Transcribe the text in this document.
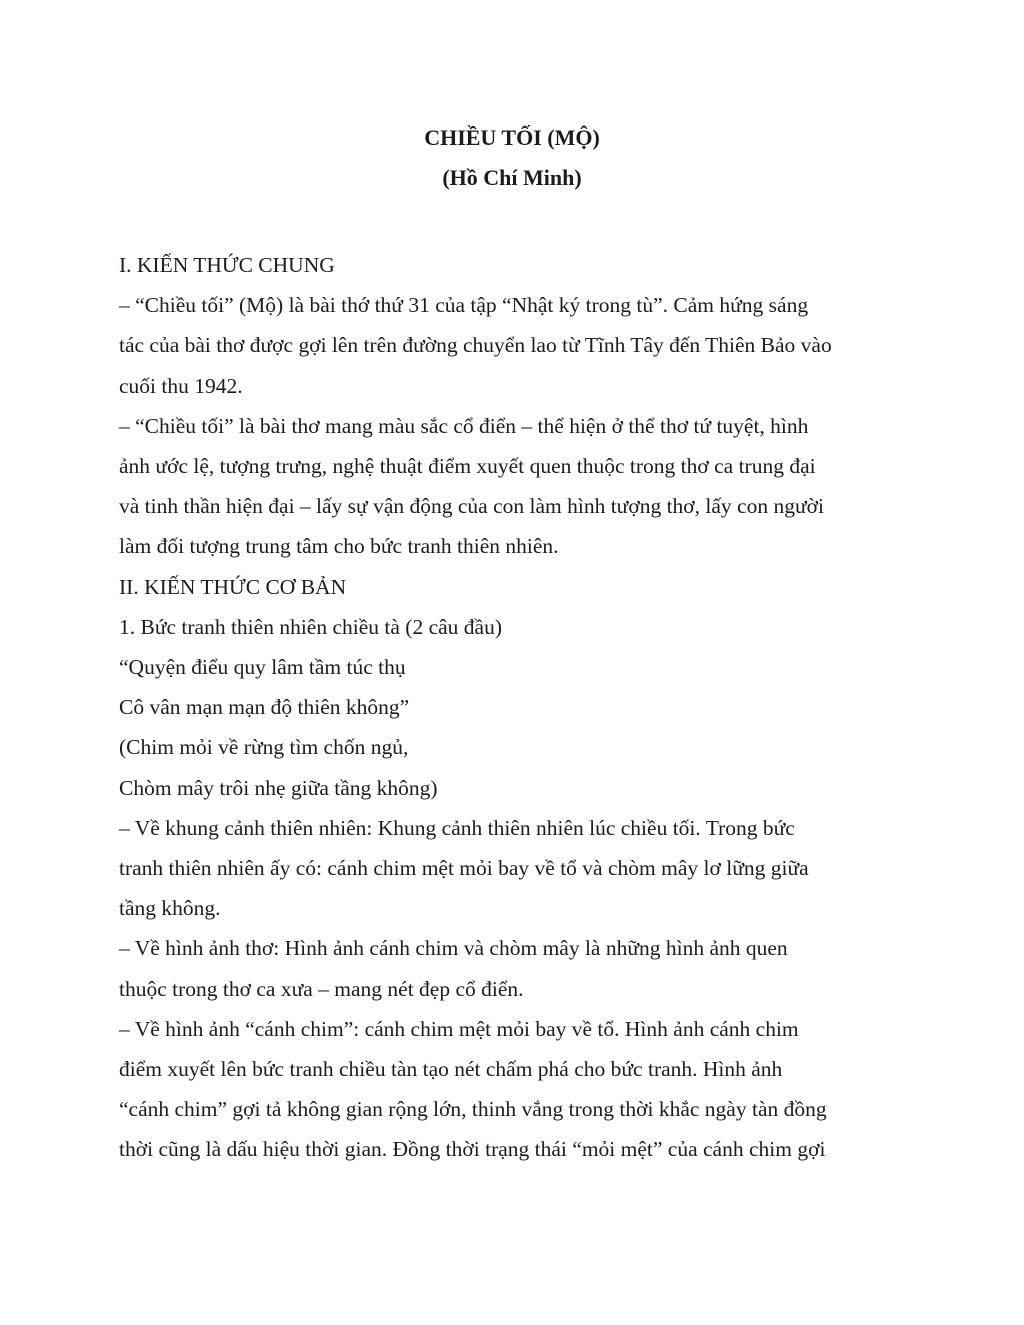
CHIỀU TỐI (MỘ)
(Hồ Chí Minh)
I. KIẾN THỨC CHUNG
– “Chiều tối” (Mộ) là bài thớ thứ 31 của tập “Nhật ký trong tù”. Cảm hứng sáng
tác của bài thơ được gợi lên trên đường chuyển lao từ Tĩnh Tây đến Thiên Bảo vào
cuối thu 1942.
– “Chiều tối” là bài thơ mang màu sắc cổ điển – thể hiện ở thể thơ tứ tuyệt, hình
ảnh ước lệ, tượng trưng, nghệ thuật điểm xuyết quen thuộc trong thơ ca trung đại
và tinh thần hiện đại – lấy sự vận động của con làm hình tượng thơ, lấy con người
làm đối tượng trung tâm cho bức tranh thiên nhiên.
II. KIẾN THỨC CƠ BẢN
1. Bức tranh thiên nhiên chiều tà (2 câu đầu)
“Quyện điểu quy lâm tầm túc thụ
Cô vân mạn mạn độ thiên không”
(Chim mỏi về rừng tìm chốn ngủ,
Chòm mây trôi nhẹ giữa tầng không)
– Về khung cảnh thiên nhiên: Khung cảnh thiên nhiên lúc chiều tối. Trong bức
tranh thiên nhiên ấy có: cánh chim mệt mỏi bay về tổ và chòm mây lơ lững giữa
tầng không.
– Về hình ảnh thơ: Hình ảnh cánh chim và chòm mây là những hình ảnh quen
thuộc trong thơ ca xưa – mang nét đẹp cổ điển.
– Về hình ảnh “cánh chim”: cánh chim mệt mỏi bay về tổ. Hình ảnh cánh chim
điểm xuyết lên bức tranh chiều tàn tạo nét chấm phá cho bức tranh. Hình ảnh
“cánh chim” gợi tả không gian rộng lớn, thinh vắng trong thời khắc ngày tàn đồng
thời cũng là dấu hiệu thời gian. Đồng thời trạng thái “mỏi mệt” của cánh chim gợi
